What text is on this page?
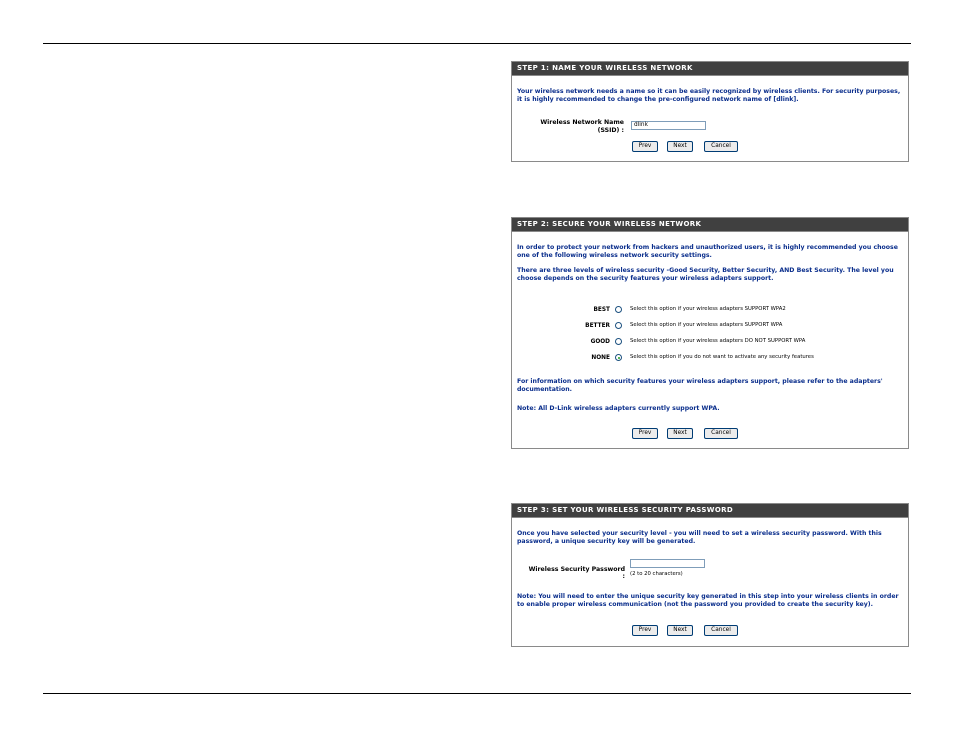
STEP 1: NAME YOUR WIRELESS NETWORK
Your wireless network needs a name so it can be easily recognized by wireless clients. For security purposes, it is highly recommended to change the pre-configured network name of [dlink].
Wireless Network Name
(SSID) :
dlink
Prev	Next	Cancel
STEP 2: SECURE YOUR WIRELESS NETWORK
In order to protect your network from hackers and unauthorized users, it is highly recommended you choose one of the following wireless network security settings.
There are three levels of wireless security -Good Security, Better Security, AND Best Security. The level you choose depends on the security features your wireless adapters support.
BEST	Select this option if your wireless adapters SUPPORT WPA2
BETTER	Select this option if your wireless adapters SUPPORT WPA
GOOD	Select this option if your wireless adapters DO NOT SUPPORT WPA
NONE	Select this option if you do not want to activate any security features
For information on which security features your wireless adapters support, please refer to the adapters' documentation.
Note: All D-Link wireless adapters currently support WPA.
Prev	Next	Cancel
STEP 3: SET YOUR WIRELESS SECURITY PASSWORD
Once you have selected your security level - you will need to set a wireless security password. With this password, a unique security key will be generated.
Wireless Security Password : (2 to 20 characters)
Note: You will need to enter the unique security key generated in this step into your wireless clients in order to enable proper wireless communication (not the password you provided to create the security key).
Prev	Next	Cancel
